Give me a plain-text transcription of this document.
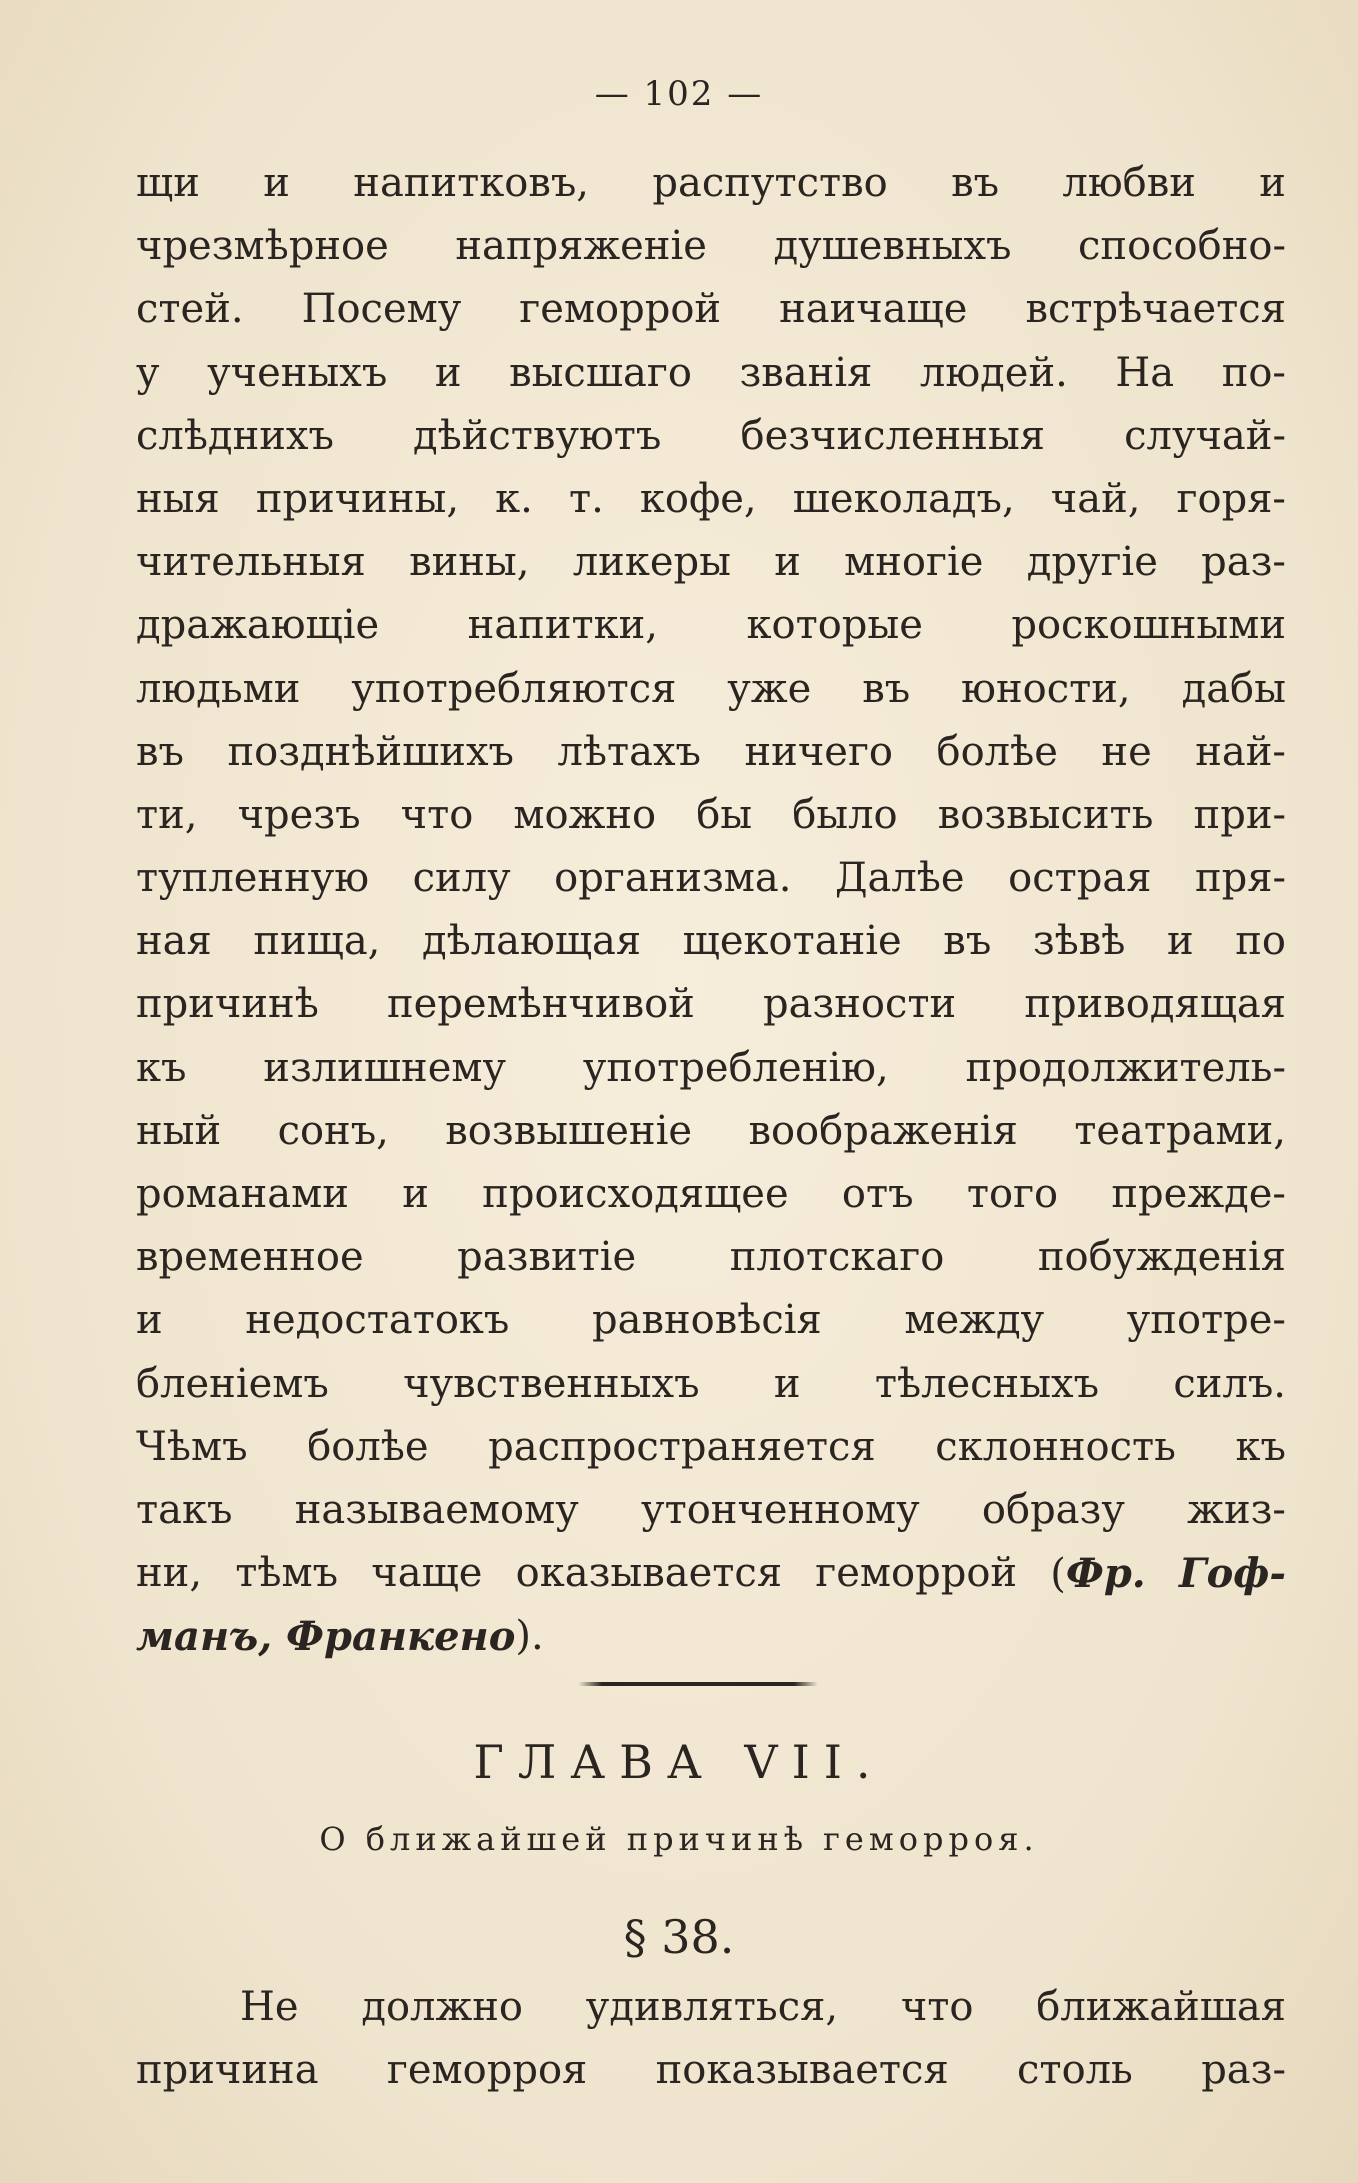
— 102 —
щи и напитковъ, распутство въ любви и
чрезмѣрное напряженіе душевныхъ способно-
стей. Посему геморрой наичаще встрѣчается
у ученыхъ и высшаго званія людей. На по-
слѣднихъ дѣйствуютъ безчисленныя случай-
ныя причины, к. т. кофе, шеколадъ, чай, горя-
чительныя вины, ликеры и многіе другіе раз-
дражающіе напитки, которые роскошными
людьми употребляются уже въ юности, дабы
въ позднѣйшихъ лѣтахъ ничего болѣе не най-
ти, чрезъ что можно бы было возвысить при-
тупленную силу организма. Далѣе острая пря-
ная пища, дѣлающая щекотаніе въ зѣвѣ и по
причинѣ перемѣнчивой разности приводящая
къ излишнему употребленію, продолжитель-
ный сонъ, возвышеніе воображенія театрами,
романами и происходящее отъ того прежде-
временное развитіе плотскаго побужденія
и недостатокъ равновѣсія между употре-
бленіемъ чувственныхъ и тѣлесныхъ силъ.
Чѣмъ болѣе распространяется склонность къ
такъ называемому утонченному образу жиз-
ни, тѣмъ чаще оказывается геморрой (Фр. Гоф-
манъ, Франкено ).
ГЛАВА VII.
О ближайшей причинѣ геморроя.
§ 38.
Не должно удивляться, что ближайшая
причина геморроя показывается столь раз-
